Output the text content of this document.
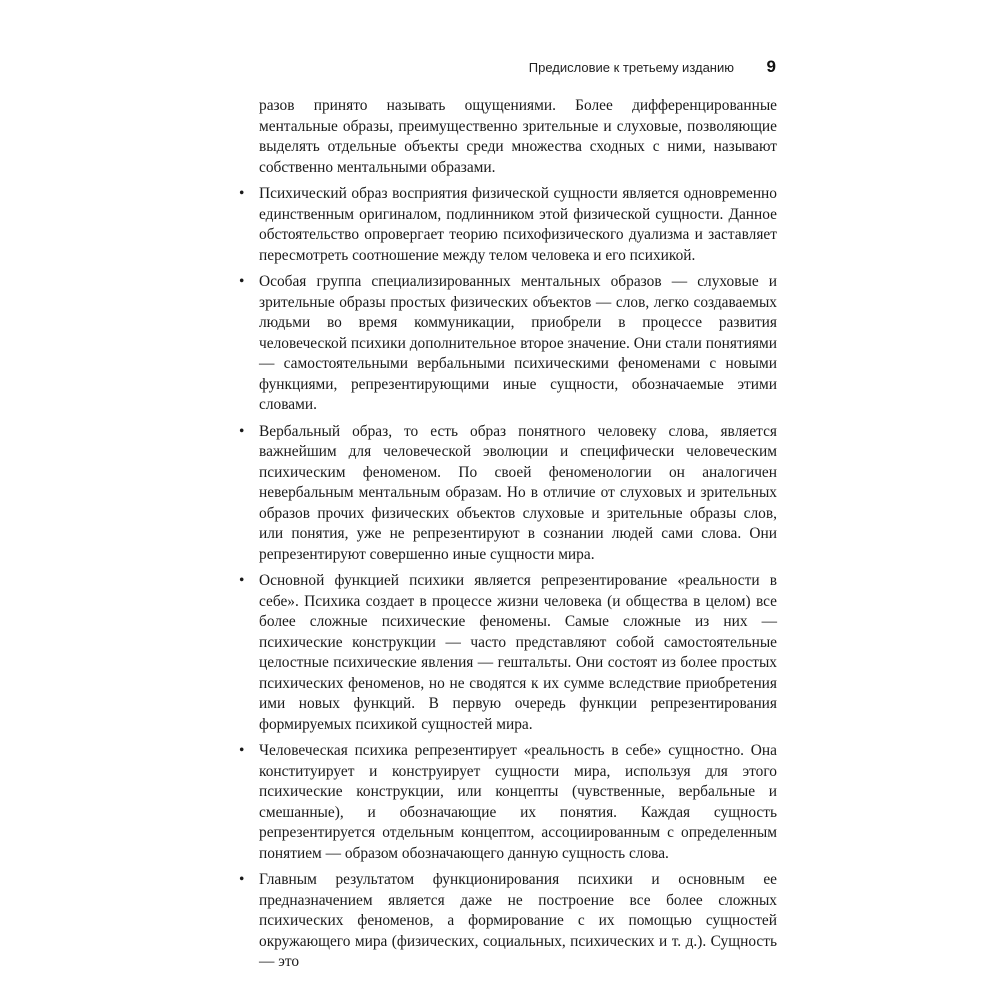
Предисловие к третьему изданию 9

разов принято называть ощущениями. Более дифференцированные ментальные образы, преимущественно зрительные и слуховые, позволяющие выделять отдельные объекты среди множества сходных с ними, называют собственно ментальными образами.

• Психический образ восприятия физической сущности является одновременно единственным оригиналом, подлинником этой физической сущности. Данное обстоятельство опровергает теорию психофизического дуализма и заставляет пересмотреть соотношение между телом человека и его психикой.
• Особая группа специализированных ментальных образов — слуховые и зрительные образы простых физических объектов — слов, легко создаваемых людьми во время коммуникации, приобрели в процессе развития человеческой психики дополнительное второе значение. Они стали понятиями — самостоятельными вербальными психическими феноменами с новыми функциями, репрезентирующими иные сущности, обозначаемые этими словами.
• Вербальный образ, то есть образ понятного человеку слова, является важнейшим для человеческой эволюции и специфически человеческим психическим феноменом. По своей феноменологии он аналогичен невербальным ментальным образам. Но в отличие от слуховых и зрительных образов прочих физических объектов слуховые и зрительные образы слов, или понятия, уже не репрезентируют в сознании людей сами слова. Они репрезентируют совершенно иные сущности мира.
• Основной функцией психики является репрезентирование «реальности в себе». Психика создает в процессе жизни человека (и общества в целом) все более сложные психические феномены. Самые сложные из них — психические конструкции — часто представляют собой самостоятельные целостные психические явления — гештальты. Они состоят из более простых психических феноменов, но не сводятся к их сумме вследствие приобретения ими новых функций. В первую очередь функции репрезентирования формируемых психикой сущностей мира.
• Человеческая психика репрезентирует «реальность в себе» сущностно. Она конституирует и конструирует сущности мира, используя для этого психические конструкции, или концепты (чувственные, вербальные и смешанные), и обозначающие их понятия. Каждая сущность репрезентируется отдельным концептом, ассоциированным с определенным понятием — образом обозначающего данную сущность слова.
• Главным результатом функционирования психики и основным ее предназначением является даже не построение все более сложных психических феноменов, а формирование с их помощью сущностей окружающего мира (физических, социальных, психических и т. д.). Сущность — это
